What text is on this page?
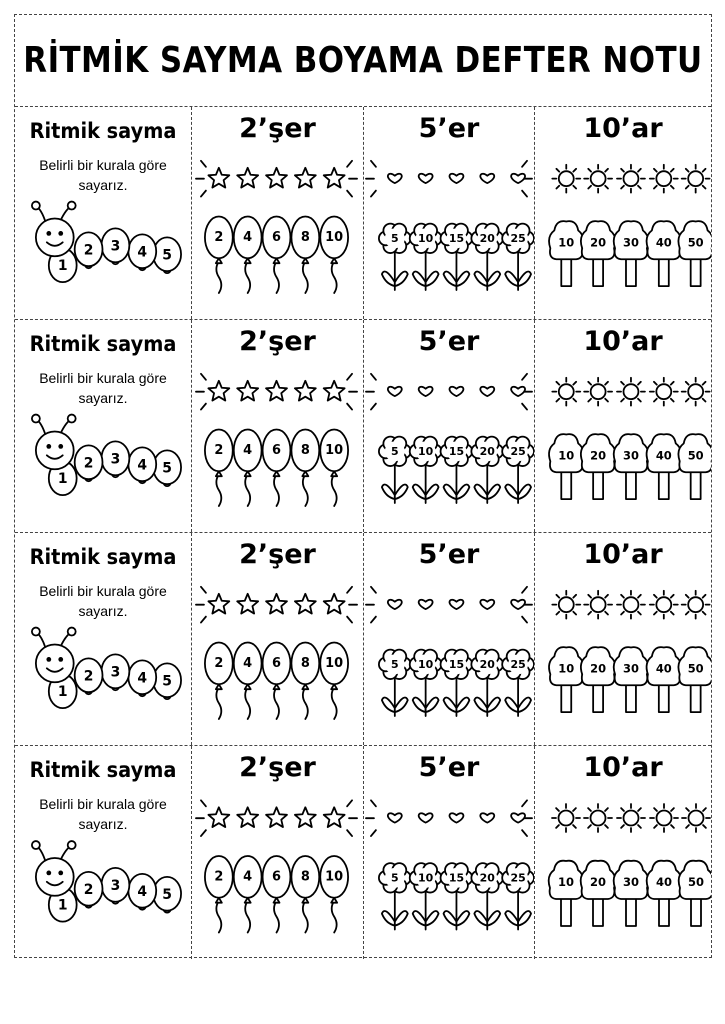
RİTMİK SAYMA BOYAMA DEFTER NOTU
Ritmik sayma
Belirli bir kurala göre
sayarız.
5
4
3
2
1
2’şer
2 4 6 8 10
5’er
5 10 15 20 25
10’ar
10 20 30 40 50
Ritmik sayma
Belirli bir kurala göre
sayarız.
5
4
3
2
1
2’şer
2 4 6 8 10
5’er
5 10 15 20 25
10’ar
10 20 30 40 50
Ritmik sayma
Belirli bir kurala göre
sayarız.
5
4
3
2
1
2’şer
2 4 6 8 10
5’er
5 10 15 20 25
10’ar
10 20 30 40 50
Ritmik sayma
Belirli bir kurala göre
sayarız.
5
4
3
2
1
2’şer
2 4 6 8 10
5’er
5 10 15 20 25
10’ar
10 20 30 40 50
